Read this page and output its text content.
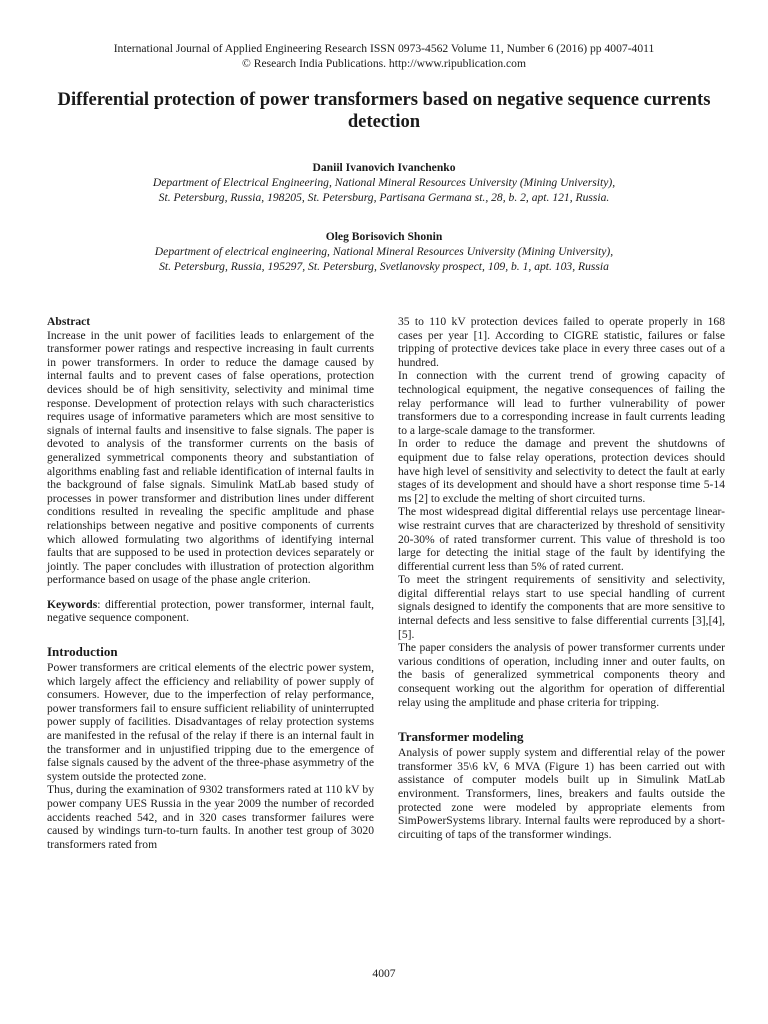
International Journal of Applied Engineering Research ISSN 0973-4562 Volume 11, Number 6 (2016) pp 4007-4011
© Research India Publications. http://www.ripublication.com
Differential protection of power transformers based on negative sequence currents detection
Daniil Ivanovich Ivanchenko
Department of Electrical Engineering, National Mineral Resources University (Mining University),
St. Petersburg, Russia, 198205, St. Petersburg, Partisana Germana st., 28, b. 2, apt. 121, Russia.
Oleg Borisovich Shonin
Department of electrical engineering, National Mineral Resources University (Mining University),
St. Petersburg, Russia, 195297, St. Petersburg, Svetlanovsky prospect, 109, b. 1, apt. 103, Russia

Abstract

Increase in the unit power of facilities leads to enlargement of the transformer power ratings and respective increasing in fault currents in power transformers. In order to reduce the damage caused by internal faults and to prevent cases of false operations, protection devices should be of high sensitivity, selectivity and minimal time response. Development of protection relays with such characteristics requires usage of informative parameters which are most sensitive to signals of internal faults and insensitive to false signals. The paper is devoted to analysis of the transformer currents on the basis of generalized symmetrical components theory and substantiation of algorithms enabling fast and reliable identification of internal faults in the background of false signals. Simulink MatLab based study of processes in power transformer and distribution lines under different conditions resulted in revealing the specific amplitude and phase relationships between negative and positive components of currents which allowed formulating two algorithms of identifying internal faults that are supposed to be used in protection devices separately or jointly. The paper concludes with illustration of protection algorithm performance based on usage of the phase angle criterion.

Keywords: differential protection, power transformer, internal fault, negative sequence component.

Introduction

Power transformers are critical elements of the electric power system, which largely affect the efficiency and reliability of power supply of consumers. However, due to the imperfection of relay performance, power transformers fail to ensure sufficient reliability of uninterrupted power supply of facilities. Disadvantages of relay protection systems are manifested in the refusal of the relay if there is an internal fault in the transformer and in unjustified tripping due to the emergence of false signals caused by the advent of the three-phase asymmetry of the system outside the protected zone.

Thus, during the examination of 9302 transformers rated at 110 kV by power company UES Russia in the year 2009 the number of recorded accidents reached 542, and in 320 cases transformer failures were caused by windings turn-to-turn faults. In another test group of 3020 transformers rated from

35 to 110 kV protection devices failed to operate properly in 168 cases per year [1]. According to CIGRE statistic, failures or false tripping of protective devices take place in every three cases out of a hundred.

In connection with the current trend of growing capacity of technological equipment, the negative consequences of failing the relay performance will lead to further vulnerability of power transformers due to a corresponding increase in fault currents leading to a large-scale damage to the transformer.

In order to reduce the damage and prevent the shutdowns of equipment due to false relay operations, protection devices should have high level of sensitivity and selectivity to detect the fault at early stages of its development and should have a short response time 5-14 ms [2] to exclude the melting of short circuited turns.

The most widespread digital differential relays use percentage linear-wise restraint curves that are characterized by threshold of sensitivity 20-30% of rated transformer current. This value of threshold is too large for detecting the initial stage of the fault by identifying the differential current less than 5% of rated current.

To meet the stringent requirements of sensitivity and selectivity, digital differential relays start to use special handling of current signals designed to identify the components that are more sensitive to internal defects and less sensitive to false differential currents [3],[4],[5].

The paper considers the analysis of power transformer currents under various conditions of operation, including inner and outer faults, on the basis of generalized symmetrical components theory and consequent working out the algorithm for operation of differential relay using the amplitude and phase criteria for tripping.

Transformer modeling

Analysis of power supply system and differential relay of the power transformer 35\6 kV, 6 MVA (Figure 1) has been carried out with assistance of computer models built up in Simulink MatLab environment. Transformers, lines, breakers and faults outside the protected zone were modeled by appropriate elements from SimPowerSystems library. Internal faults were reproduced by a short-circuiting of taps of the transformer windings.

4007
